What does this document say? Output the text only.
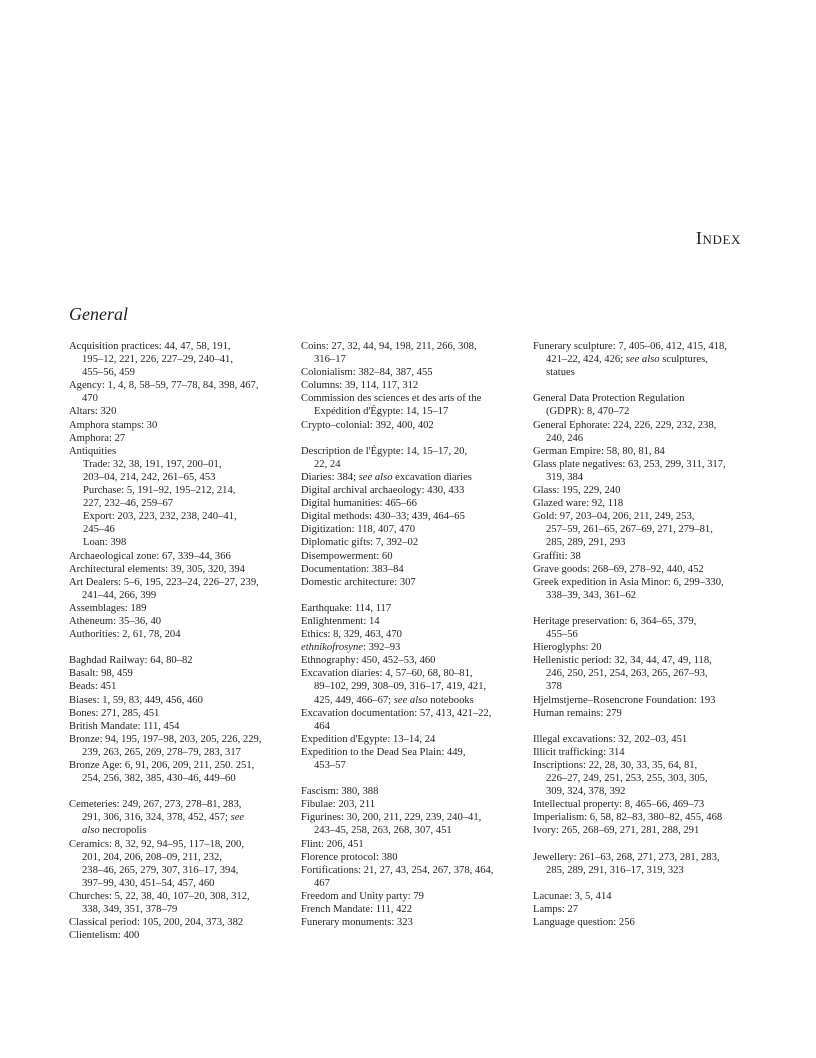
Index
General
Acquisition practices: 44, 47, 58, 191,
195–12, 221, 226, 227–29, 240–41,
455–56, 459
Agency: 1, 4, 8, 58–59, 77–78, 84, 398, 467,
470
Altars: 320
Amphora stamps: 30
Amphora: 27
Antiquities
Trade: 32, 38, 191, 197, 200–01,
203–04, 214, 242, 261–65, 453
Purchase: 5, 191–92, 195–212, 214,
227, 232–46, 259–67
Export: 203, 223, 232, 238, 240–41,
245–46
Loan: 398
Archaeological zone: 67, 339–44, 366
Architectural elements: 39, 305, 320, 394
Art Dealers: 5–6, 195, 223–24, 226–27, 239,
241–44, 266, 399
Assemblages: 189
Atheneum: 35–36, 40
Authorities: 2, 61, 78, 204
Baghdad Railway: 64, 80–82
Basalt: 98, 459
Beads: 451
Biases: 1, 59, 83, 449, 456, 460
Bones: 271, 285, 451
British Mandate: 111, 454
Bronze: 94, 195, 197–98, 203, 205, 226, 229,
239, 263, 265, 269, 278–79, 283, 317
Bronze Age: 6, 91, 206, 209, 211, 250. 251,
254, 256, 382, 385, 430–46, 449–60
Cemeteries: 249, 267, 273, 278–81, 283,
291, 306, 316, 324, 378, 452, 457; see
also necropolis
Ceramics: 8, 32, 92, 94–95, 117–18, 200,
201, 204, 206, 208–09, 211, 232,
238–46, 265, 279, 307, 316–17, 394,
397–99, 430, 451–54, 457, 460
Churches: 5, 22, 38, 40, 107–20, 308, 312,
338, 349, 351, 378–79
Classical period: 105, 200, 204, 373, 382
Clientelism: 400
Coins: 27, 32, 44, 94, 198, 211, 266, 308,
316–17
Colonialism: 382–84, 387, 455
Columns: 39, 114, 117, 312
Commission des sciences et des arts of the
Expédition d'Égypte: 14, 15–17
Crypto–colonial: 392, 400, 402
Description de l'Égypte: 14, 15–17, 20,
22, 24
Diaries: 384; see also excavation diaries
Digital archival archaeology: 430, 433
Digital humanities: 465–66
Digital methods: 430–33; 439, 464–65
Digitization: 118, 407, 470
Diplomatic gifts: 7, 392–02
Disempowerment: 60
Documentation: 383–84
Domestic architecture: 307
Earthquake: 114, 117
Enlightenment: 14
Ethics: 8, 329, 463, 470
ethnikofrosyne: 392–93
Ethnography: 450, 452–53, 460
Excavation diaries: 4, 57–60, 68, 80–81,
89–102, 299, 308–09, 316–17, 419, 421,
425, 449, 466–67; see also notebooks
Excavation documentation: 57, 413, 421–22,
464
Expedition d'Egypte: 13–14, 24
Expedition to the Dead Sea Plain: 449,
453–57
Fascism: 380, 388
Fibulae: 203, 211
Figurines: 30, 200, 211, 229, 239, 240–41,
243–45, 258, 263, 268, 307, 451
Flint: 206, 451
Florence protocol: 380
Fortifications: 21, 27, 43, 254, 267, 378, 464,
467
Freedom and Unity party: 79
French Mandate: 111, 422
Funerary monuments: 323
Funerary sculpture: 7, 405–06, 412, 415, 418,
421–22, 424, 426; see also sculptures,
statues
General Data Protection Regulation
(GDPR): 8, 470–72
General Ephorate: 224, 226, 229, 232, 238,
240, 246
German Empire: 58, 80, 81, 84
Glass plate negatives: 63, 253, 299, 311, 317,
319, 384
Glass: 195, 229, 240
Glazed ware: 92, 118
Gold: 97, 203–04, 206, 211, 249, 253,
257–59, 261–65, 267–69, 271, 279–81,
285, 289, 291, 293
Graffiti: 38
Grave goods: 268–69, 278–92, 440, 452
Greek expedition in Asia Minor: 6, 299–330,
338–39, 343, 361–62
Heritage preservation: 6, 364–65, 379,
455–56
Hieroglyphs: 20
Hellenistic period: 32, 34, 44, 47, 49, 118,
246, 250, 251, 254, 263, 265, 267–93,
378
Hjelmstjerne–Rosencrone Foundation: 193
Human remains: 279
Illegal excavations: 32, 202–03, 451
Illicit trafficking: 314
Inscriptions: 22, 28, 30, 33, 35, 64, 81,
226–27, 249, 251, 253, 255, 303, 305,
309, 324, 378, 392
Intellectual property: 8, 465–66, 469–73
Imperialism: 6, 58, 82–83, 380–82, 455, 468
Ivory: 265, 268–69, 271, 281, 288, 291
Jewellery: 261–63, 268, 271, 273, 281, 283,
285, 289, 291, 316–17, 319, 323
Lacunae: 3, 5, 414
Lamps: 27
Language question: 256
